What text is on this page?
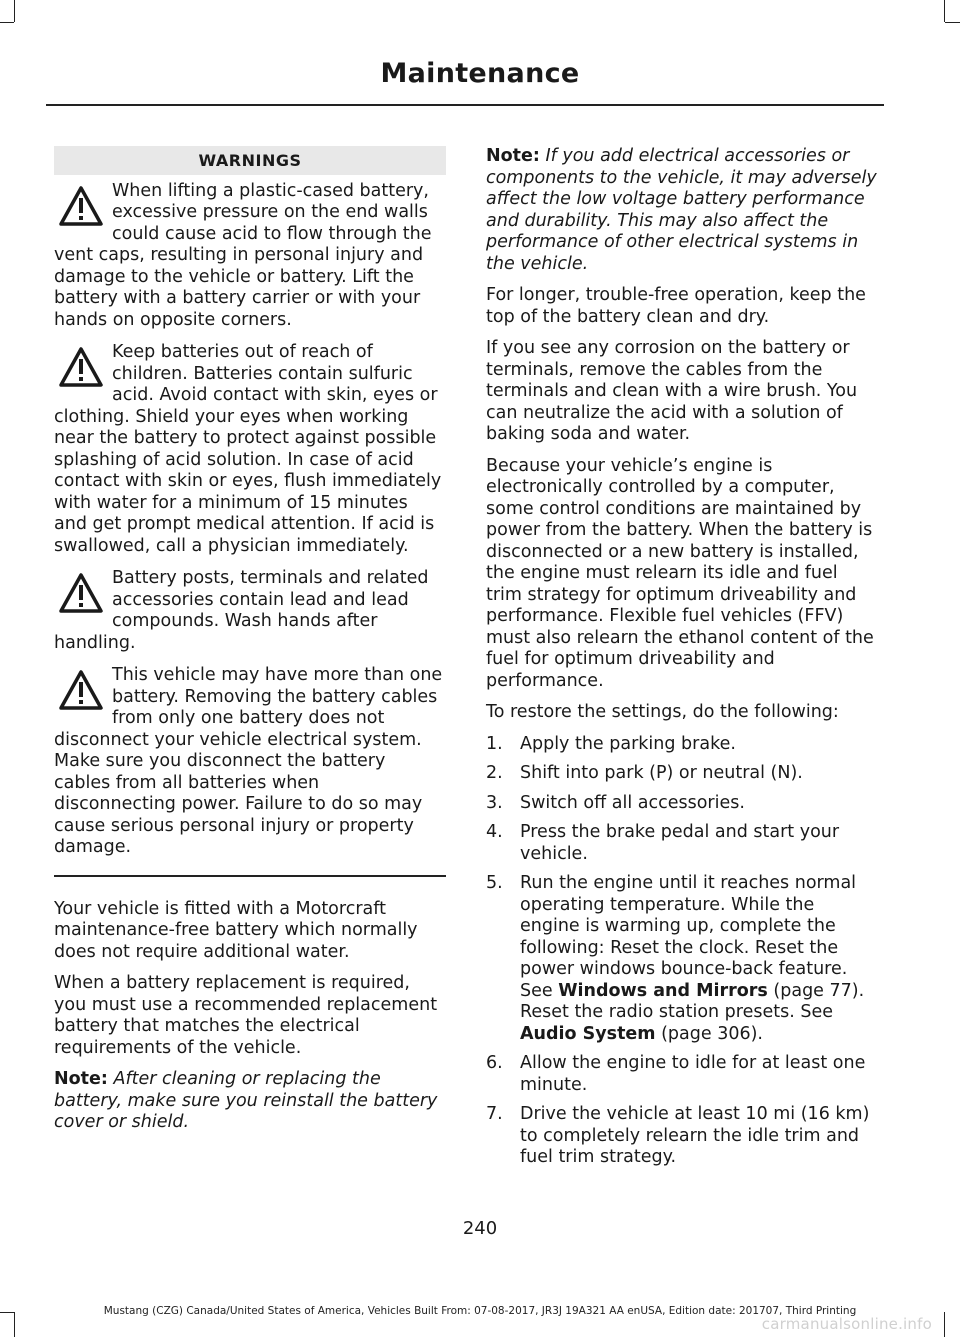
Maintenance
WARNINGS

When lifting a plastic-cased battery, excessive pressure on the end walls could cause acid to flow through the vent caps, resulting in personal injury and damage to the vehicle or battery. Lift the battery with a battery carrier or with your hands on opposite corners.

Keep batteries out of reach of children. Batteries contain sulfuric acid. Avoid contact with skin, eyes or clothing. Shield your eyes when working near the battery to protect against possible splashing of acid solution. In case of acid contact with skin or eyes, flush immediately with water for a minimum of 15 minutes and get prompt medical attention. If acid is swallowed, call a physician immediately.

Battery posts, terminals and related accessories contain lead and lead compounds. Wash hands after handling.

This vehicle may have more than one battery. Removing the battery cables from only one battery does not disconnect your vehicle electrical system. Make sure you disconnect the battery cables from all batteries when disconnecting power. Failure to do so may cause serious personal injury or property damage.

Your vehicle is fitted with a Motorcraft maintenance-free battery which normally does not require additional water.

When a battery replacement is required, you must use a recommended replacement battery that matches the electrical requirements of the vehicle.

Note: After cleaning or replacing the battery, make sure you reinstall the battery cover or shield.

Note: If you add electrical accessories or components to the vehicle, it may adversely affect the low voltage battery performance and durability. This may also affect the performance of other electrical systems in the vehicle.

For longer, trouble-free operation, keep the top of the battery clean and dry.

If you see any corrosion on the battery or terminals, remove the cables from the terminals and clean with a wire brush. You can neutralize the acid with a solution of baking soda and water.

Because your vehicle’s engine is electronically controlled by a computer, some control conditions are maintained by power from the battery. When the battery is disconnected or a new battery is installed, the engine must relearn its idle and fuel trim strategy for optimum driveability and performance. Flexible fuel vehicles (FFV) must also relearn the ethanol content of the fuel for optimum driveability and performance.

To restore the settings, do the following:

1. Apply the parking brake.
2. Shift into park (P) or neutral (N).
3. Switch off all accessories.
4. Press the brake pedal and start your vehicle.
5. Run the engine until it reaches normal operating temperature. While the engine is warming up, complete the following: Reset the clock. Reset the power windows bounce-back feature. See Windows and Mirrors (page 77). Reset the radio station presets. See Audio System (page 306).
6. Allow the engine to idle for at least one minute.
7. Drive the vehicle at least 10 mi (16 km) to completely relearn the idle trim and fuel trim strategy.
240
Mustang (CZG) Canada/United States of America, Vehicles Built From: 07-08-2017, JR3J 19A321 AA enUSA, Edition date: 201707, Third Printing
carmanualsonline.info
